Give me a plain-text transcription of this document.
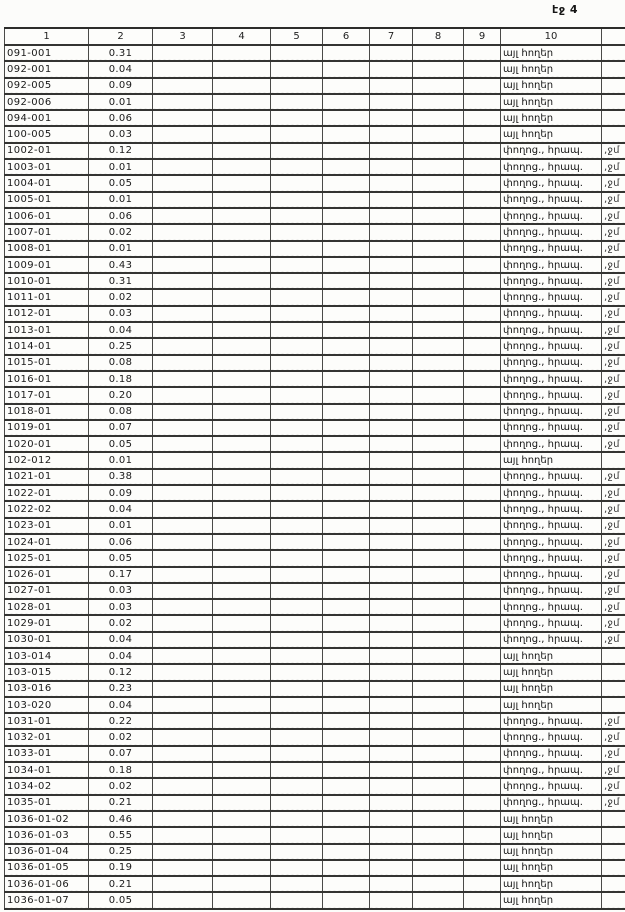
էջ 4
1	2	3	4	5	6	7	8	9	10	
091-001	0.31								այլ հողեր	
092-001	0.04								այլ հողեր	
092-005	0.09								այլ հողեր	
092-006	0.01								այլ հողեր	
094-001	0.06								այլ հողեր	
100-005	0.03								այլ հողեր	
1002-01	0.12								փողոց., հրապ.	,ջմ
1003-01	0.01								փողոց., հրապ.	,ջմ
1004-01	0.05								փողոց., հրապ.	,ջմ
1005-01	0.01								փողոց., հրապ.	,ջմ
1006-01	0.06								փողոց., հրապ.	,ջմ
1007-01	0.02								փողոց., հրապ.	,ջմ
1008-01	0.01								փողոց., հրապ.	,ջմ
1009-01	0.43								փողոց., հրապ.	,ջմ
1010-01	0.31								փողոց., հրապ.	,ջմ
1011-01	0.02								փողոց., հրապ.	,ջմ
1012-01	0.03								փողոց., հրապ.	,ջմ
1013-01	0.04								փողոց., հրապ.	,ջմ
1014-01	0.25								փողոց., հրապ.	,ջմ
1015-01	0.08								փողոց., հրապ.	,ջմ
1016-01	0.18								փողոց., հրապ.	,ջմ
1017-01	0.20								փողոց., հրապ.	,ջմ
1018-01	0.08								փողոց., հրապ.	,ջմ
1019-01	0.07								փողոց., հրապ.	,ջմ
1020-01	0.05								փողոց., հրապ.	,ջմ
102-012	0.01								այլ հողեր	
1021-01	0.38								փողոց., հրապ.	,ջմ
1022-01	0.09								փողոց., հրապ.	,ջմ
1022-02	0.04								փողոց., հրապ.	,ջմ
1023-01	0.01								փողոց., հրապ.	,ջմ
1024-01	0.06								փողոց., հրապ.	,ջմ
1025-01	0.05								փողոց., հրապ.	,ջմ
1026-01	0.17								փողոց., հրապ.	,ջմ
1027-01	0.03								փողոց., հրապ.	,ջմ
1028-01	0.03								փողոց., հրապ.	,ջմ
1029-01	0.02								փողոց., հրապ.	,ջմ
1030-01	0.04								փողոց., հրապ.	,ջմ
103-014	0.04								այլ հողեր	
103-015	0.12								այլ հողեր	
103-016	0.23								այլ հողեր	
103-020	0.04								այլ հողեր	
1031-01	0.22								փողոց., հրապ.	,ջմ
1032-01	0.02								փողոց., հրապ.	,ջմ
1033-01	0.07								փողոց., հրապ.	,ջմ
1034-01	0.18								փողոց., հրապ.	,ջմ
1034-02	0.02								փողոց., հրապ.	,ջմ
1035-01	0.21								փողոց., հրապ.	,ջմ
1036-01-02	0.46								այլ հողեր	
1036-01-03	0.55								այլ հողեր	
1036-01-04	0.25								այլ հողեր	
1036-01-05	0.19								այլ հողեր	
1036-01-06	0.21								այլ հողեր	
1036-01-07	0.05								այլ հողեր	
